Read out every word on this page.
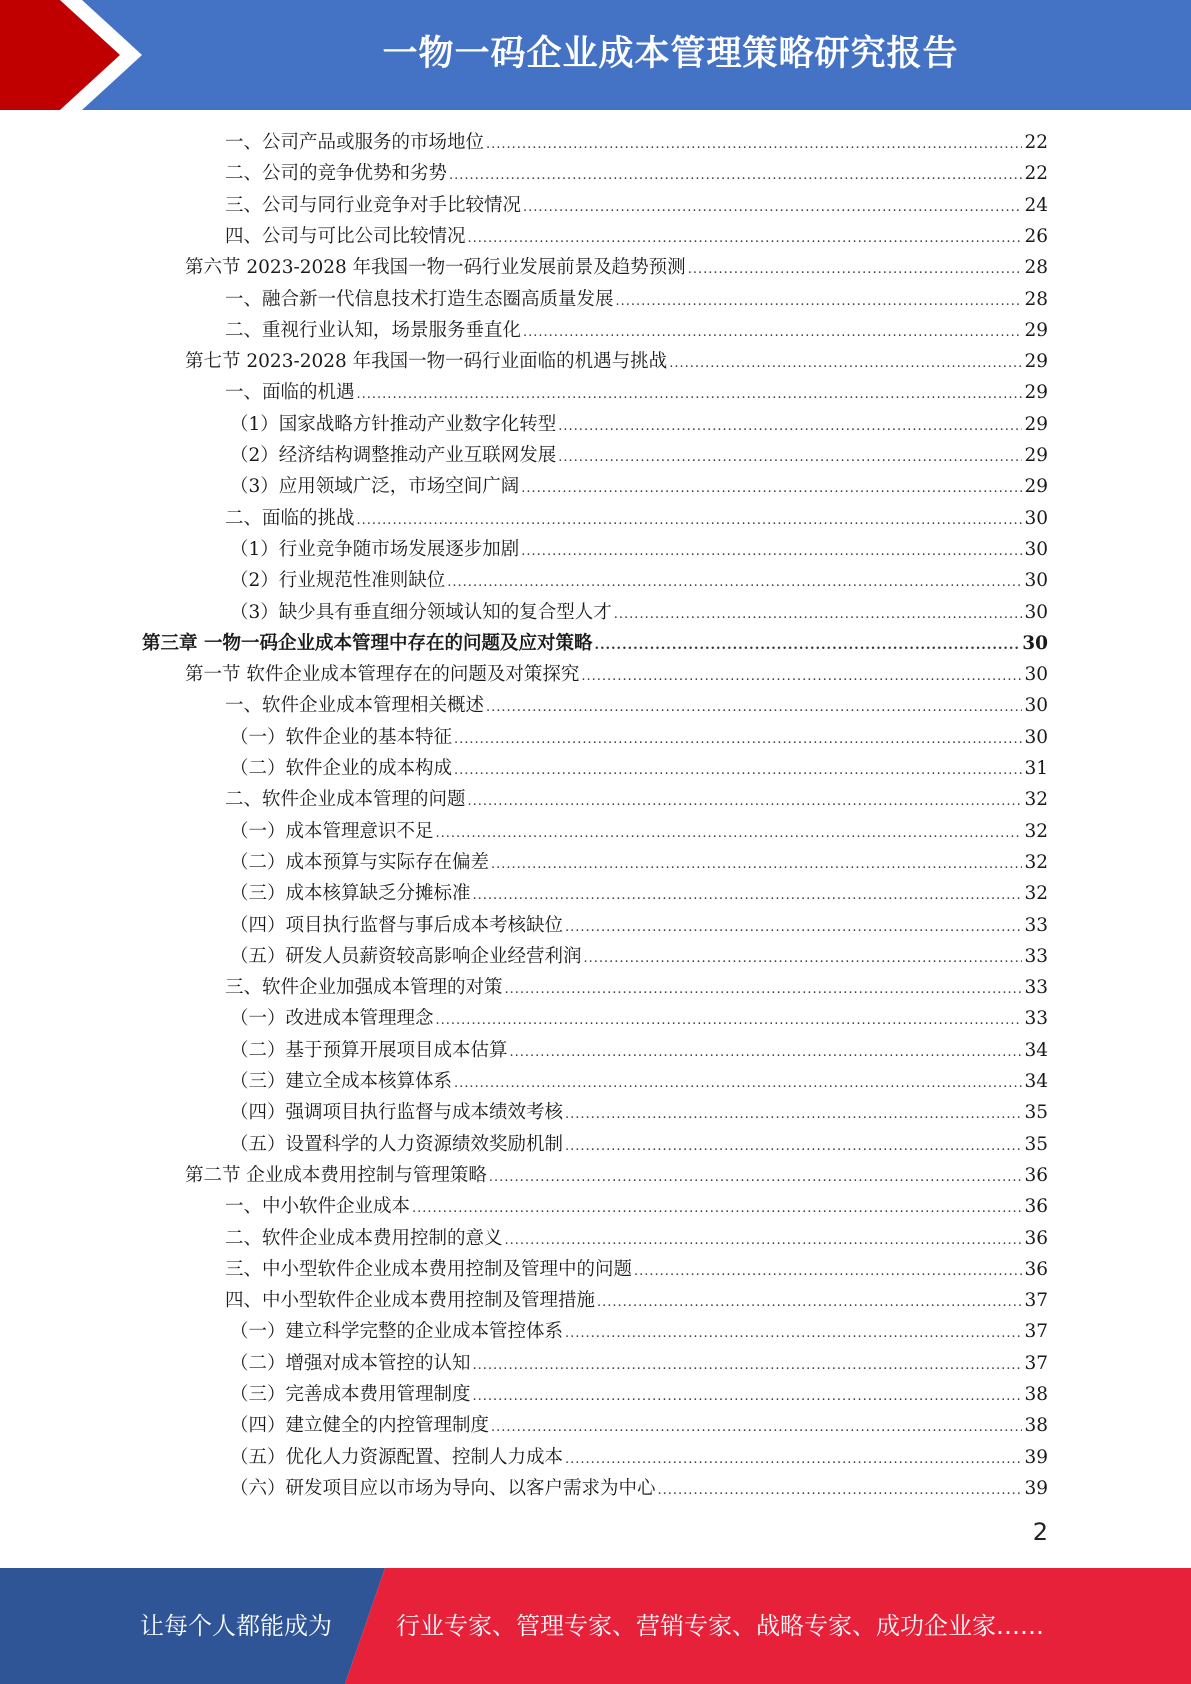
一物一码企业成本管理策略研究报告
一、公司产品或服务的市场地位 .....	22
二、公司的竞争优势和劣势 .....	22
三、公司与同行业竞争对手比较情况 .....	24
四、公司与可比公司比较情况 .....	26
第六节 2023-2028 年我国一物一码行业发展前景及趋势预测 .....	28
一、融合新一代信息技术打造生态圈高质量发展 .....	28
二、重视行业认知，场景服务垂直化 .....	29
第七节 2023-2028 年我国一物一码行业面临的机遇与挑战 .....	29
一、面临的机遇 .....	29
（1）国家战略方针推动产业数字化转型 .....	29
（2）经济结构调整推动产业互联网发展 .....	29
（3）应用领域广泛，市场空间广阔 .....	29
二、面临的挑战 .....	30
（1）行业竞争随市场发展逐步加剧 .....	30
（2）行业规范性准则缺位 .....	30
（3）缺少具有垂直细分领域认知的复合型人才 .....	30
第三章 一物一码企业成本管理中存在的问题及应对策略 .....	30
第一节 软件企业成本管理存在的问题及对策探究 .....	30
一、软件企业成本管理相关概述 .....	30
（一）软件企业的基本特征 .....	30
（二）软件企业的成本构成 .....	31
二、软件企业成本管理的问题 .....	32
（一）成本管理意识不足 .....	32
（二）成本预算与实际存在偏差 .....	32
（三）成本核算缺乏分摊标准 .....	32
（四）项目执行监督与事后成本考核缺位 .....	33
（五）研发人员薪资较高影响企业经营利润 .....	33
三、软件企业加强成本管理的对策 .....	33
（一）改进成本管理理念 .....	33
（二）基于预算开展项目成本估算 .....	34
（三）建立全成本核算体系 .....	34
（四）强调项目执行监督与成本绩效考核 .....	35
（五）设置科学的人力资源绩效奖励机制 .....	35
第二节 企业成本费用控制与管理策略 .....	36
一、中小软件企业成本 .....	36
二、软件企业成本费用控制的意义 .....	36
三、中小型软件企业成本费用控制及管理中的问题 .....	36
四、中小型软件企业成本费用控制及管理措施 .....	37
（一）建立科学完整的企业成本管控体系 .....	37
（二）增强对成本管控的认知 .....	37
（三）完善成本费用管理制度 .....	38
（四）建立健全的内控管理制度 .....	38
（五）优化人力资源配置、控制人力成本 .....	39
（六）研发项目应以市场为导向、以客户需求为中心 .....	39
2
让每个人都能成为	行业专家、管理专家、营销专家、战略专家、成功企业家……
